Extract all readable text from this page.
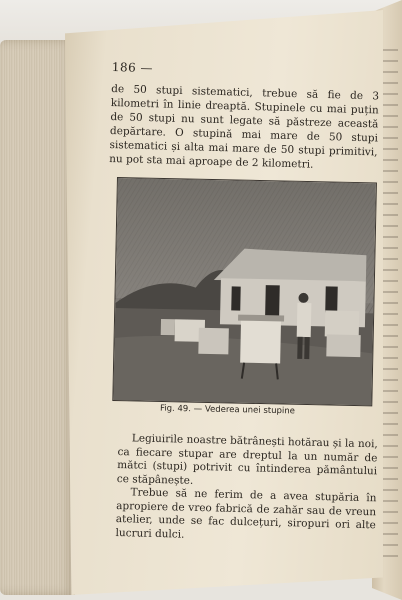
186 —

de 50 stupi sistematici, trebue să fie de 3 kilometri în linie dreaptă. Stupinele cu mai puțin de 50 stupi nu sunt legate să păstreze această depărtare. O stupină mai mare de 50 stupi sistematici și alta mai mare de 50 stupi primitivi, nu pot sta mai aproape de 2 kilometri.

Fig. 49. — Vederea unei stupine

Legiuirile noastre bătrânești hotărau și la noi, ca fiecare stupar are dreptul la un număr de mătci (stupi) potrivit cu întinderea pământului ce stăpânește.

Trebue să ne ferim de a avea stupăria în apropiere de vreo fabrică de zahăr sau de vreun atelier, unde se fac dulcețuri, siropuri ori alte lucruri dulci.
